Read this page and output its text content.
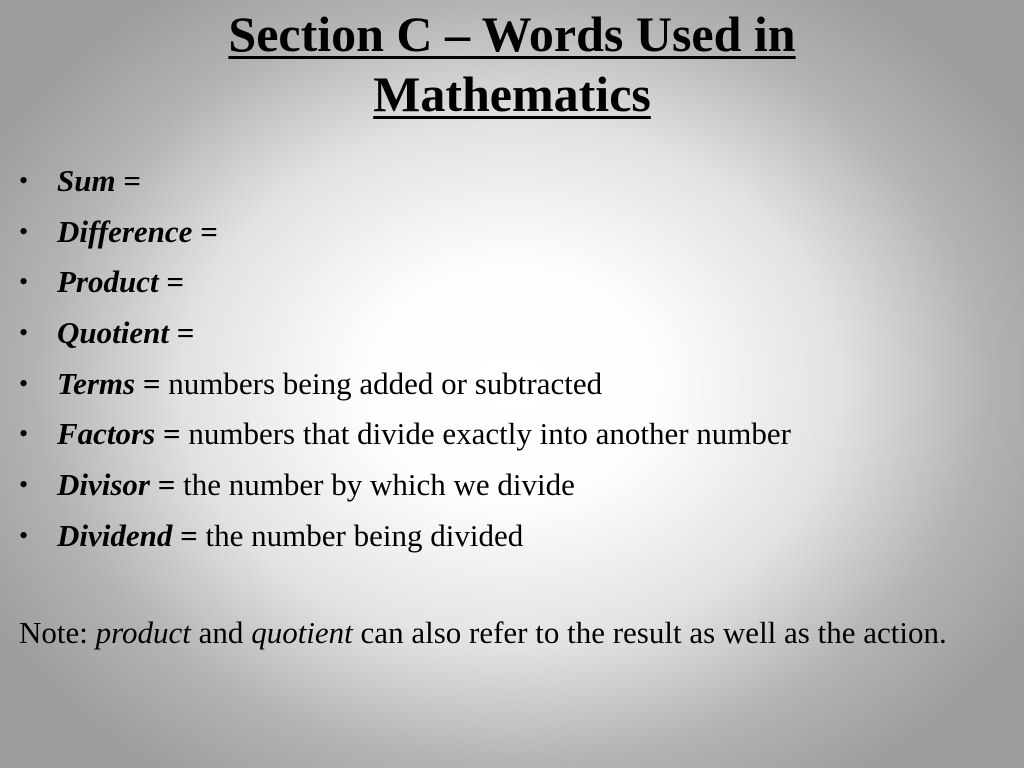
Section C – Words Used in
Mathematics
• Sum =
• Difference =
• Product =
• Quotient =
• Terms = numbers being added or subtracted
• Factors = numbers that divide exactly into another number
• Divisor = the number by which we divide
• Dividend = the number being divided

Note: product and quotient can also refer to the result as well as the action.
